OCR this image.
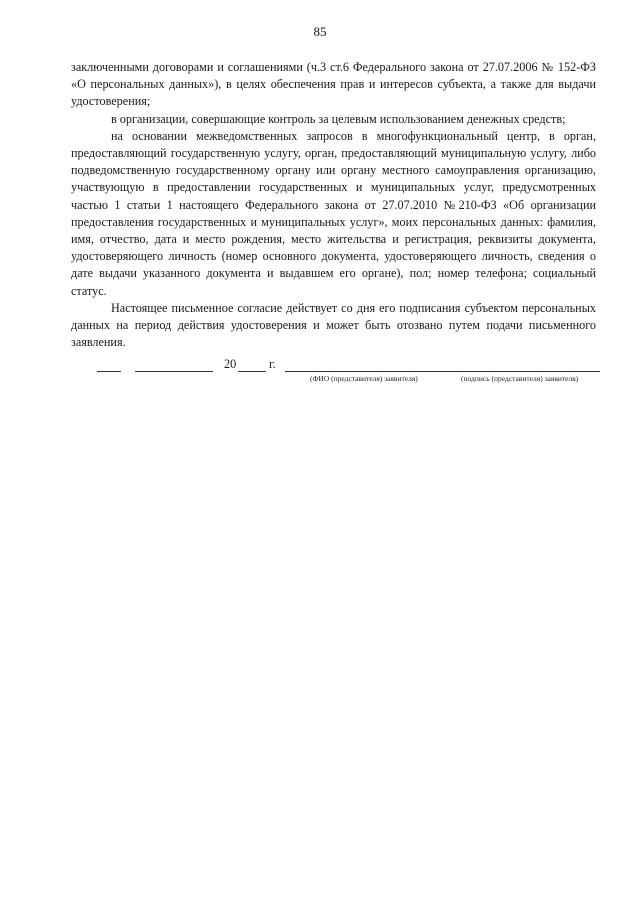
85

заключенными договорами и соглашениями (ч.3 ст.6 Федерального закона от 27.07.2006 № 152-ФЗ «О персональных данных»), в целях обеспечения прав и интересов субъекта, а также для выдачи удостоверения;

в организации, совершающие контроль за целевым использованием денежных средств;

на основании межведомственных запросов в многофункциональный центр, в орган, предоставляющий государственную услугу, орган, предоставляющий муниципальную услугу, либо подведомственную государственному органу или органу местного самоуправления организацию, участвующую в предоставлении государственных и муниципальных услуг, предусмотренных частью 1 статьи 1 настоящего Федерального закона от 27.07.2010 №210-ФЗ «Об организации предоставления государственных и муниципальных услуг», моих персональных данных: фамилия, имя, отчество, дата и место рождения, место жительства и регистрация, реквизиты документа, удостоверяющего личность (номер основного документа, удостоверяющего личность, сведения о дате выдачи указанного документа и выдавшем его органе), пол; номер телефона; социальный статус.

Настоящее письменное согласие действует со дня его подписания субъектом персональных данных на период действия удостоверения и может быть отозвано путем подачи письменного заявления.

20	г.
(ФИО (представителя) заявителя)	(подпись (представителя) заявителя)
